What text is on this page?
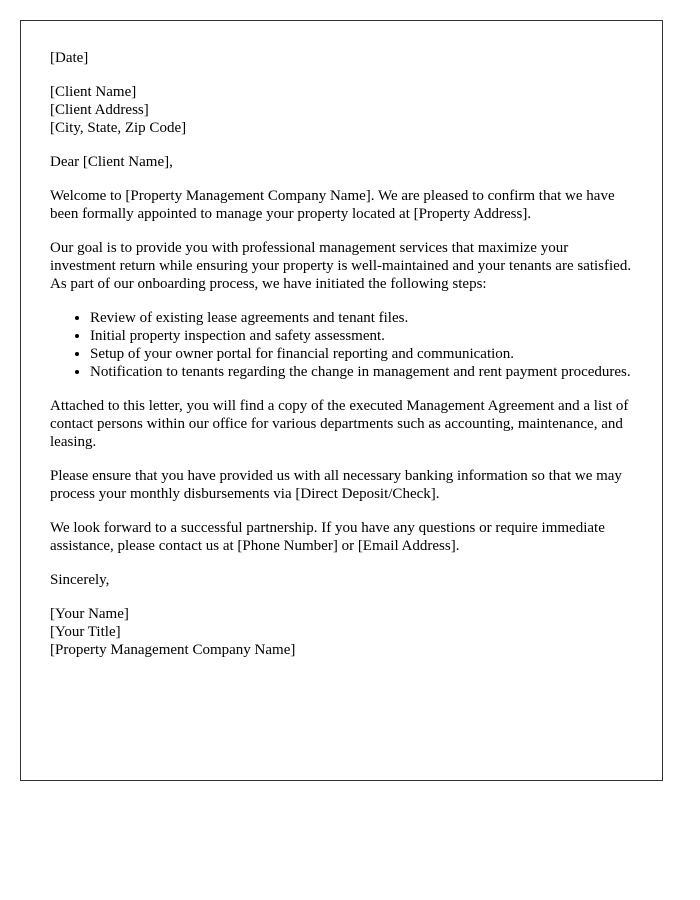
[Date]

[Client Name]
[Client Address]
[City, State, Zip Code]

Dear [Client Name],

Welcome to [Property Management Company Name]. We are pleased to confirm that we have been formally appointed to manage your property located at [Property Address].

Our goal is to provide you with professional management services that maximize your investment return while ensuring your property is well-maintained and your tenants are satisfied. As part of our onboarding process, we have initiated the following steps:

• Review of existing lease agreements and tenant files.
• Initial property inspection and safety assessment.
• Setup of your owner portal for financial reporting and communication.
• Notification to tenants regarding the change in management and rent payment procedures.

Attached to this letter, you will find a copy of the executed Management Agreement and a list of contact persons within our office for various departments such as accounting, maintenance, and leasing.

Please ensure that you have provided us with all necessary banking information so that we may process your monthly disbursements via [Direct Deposit/Check].

We look forward to a successful partnership. If you have any questions or require immediate assistance, please contact us at [Phone Number] or [Email Address].

Sincerely,

[Your Name]
[Your Title]
[Property Management Company Name]
